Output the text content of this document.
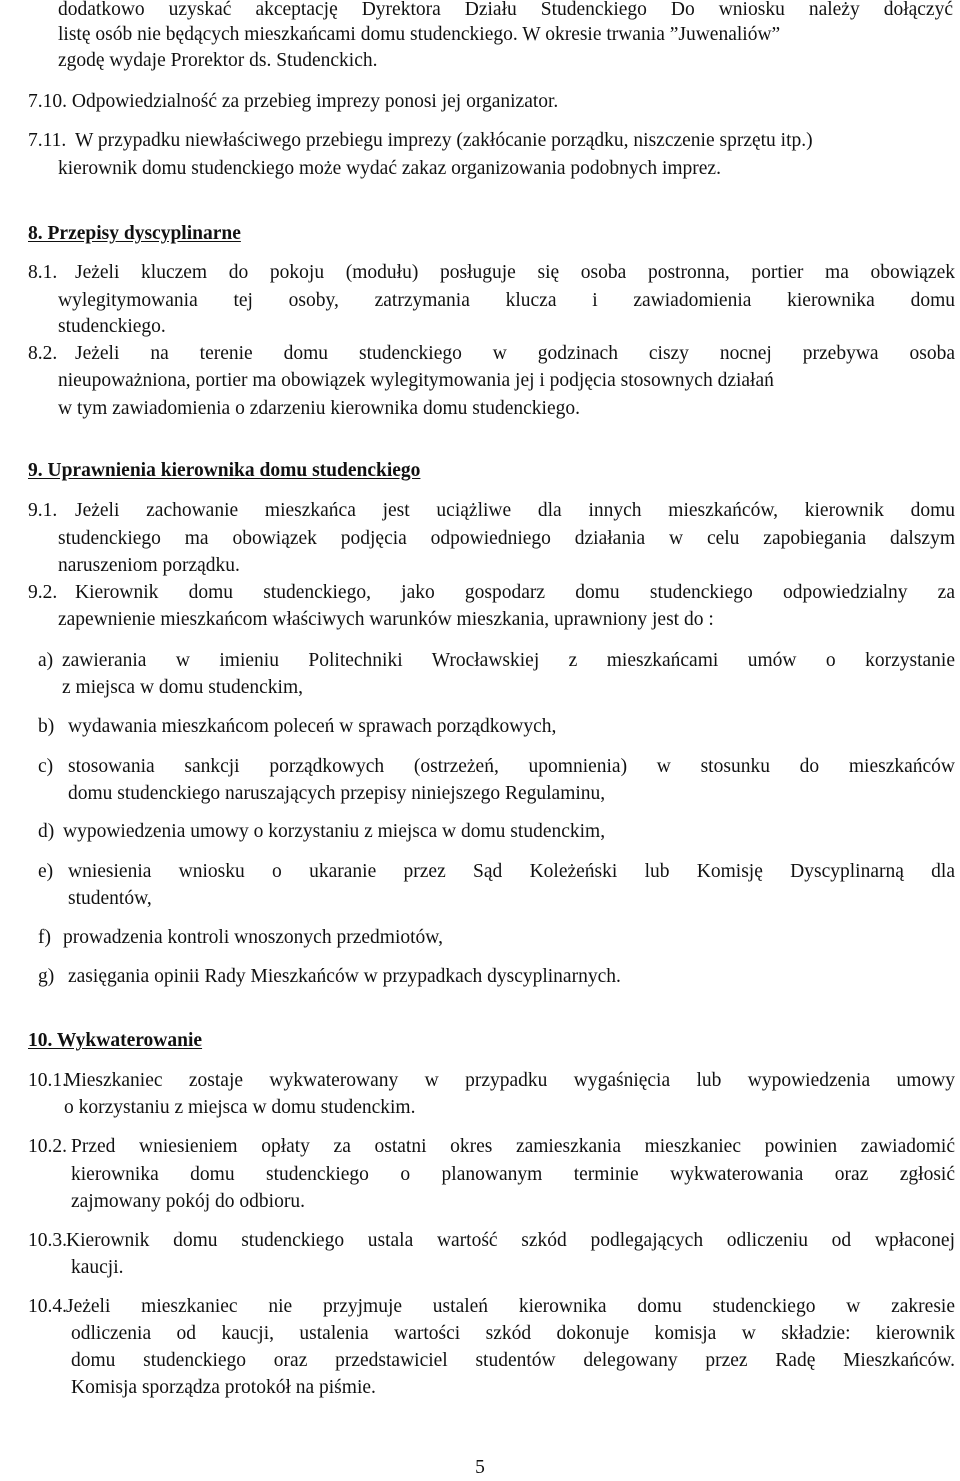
dodatkowo uzyskać akceptację Dyrektora Działu Studenckiego Do wniosku należy dołączyć
listę osób nie będących mieszkańcami domu studenckiego. W okresie trwania ”Juwenaliów”
zgodę wydaje Prorektor ds. Studenckich.
7.10. Odpowiedzialność za przebieg imprezy ponosi jej organizator.
7.11. W przypadku niewłaściwego przebiegu imprezy (zakłócanie porządku, niszczenie sprzętu itp.)
kierownik domu studenckiego może wydać zakaz organizowania podobnych imprez.
8. Przepisy dyscyplinarne
8.1. Jeżeli kluczem do pokoju (modułu) posługuje się osoba postronna, portier ma obowiązek
wylegitymowania tej osoby, zatrzymania klucza i zawiadomienia kierownika domu
studenckiego.
8.2. Jeżeli na terenie domu studenckiego w godzinach ciszy nocnej przebywa osoba
nieupoważniona, portier ma obowiązek wylegitymowania jej i podjęcia stosownych działań
w tym zawiadomienia o zdarzeniu kierownika domu studenckiego.
9. Uprawnienia kierownika domu studenckiego
9.1. Jeżeli zachowanie mieszkańca jest uciążliwe dla innych mieszkańców, kierownik domu
studenckiego ma obowiązek podjęcia odpowiedniego działania w celu zapobiegania dalszym
naruszeniom porządku.
9.2. Kierownik domu studenckiego, jako gospodarz domu studenckiego odpowiedzialny za
zapewnienie mieszkańcom właściwych warunków mieszkania, uprawniony jest do :
a) zawierania w imieniu Politechniki Wrocławskiej z mieszkańcami umów o korzystanie
z miejsca w domu studenckim,
b) wydawania mieszkańcom poleceń w sprawach porządkowych,
c) stosowania sankcji porządkowych (ostrzeżeń, upomnienia) w stosunku do mieszkańców
domu studenckiego naruszających przepisy niniejszego Regulaminu,
d) wypowiedzenia umowy o korzystaniu z miejsca w domu studenckim,
e) wniesienia wniosku o ukaranie przez Sąd Koleżeński lub Komisję Dyscyplinarną dla
studentów,
f) prowadzenia kontroli wnoszonych przedmiotów,
g) zasięgania opinii Rady Mieszkańców w przypadkach dyscyplinarnych.
10. Wykwaterowanie
10.1.
Mieszkaniec zostaje wykwaterowany w przypadku wygaśnięcia lub wypowiedzenia umowy
o korzystaniu z miejsca w domu studenckim.
10.2. Przed wniesieniem opłaty za ostatni okres zamieszkania mieszkaniec powinien zawiadomić
kierownika domu studenckiego o planowanym terminie wykwaterowania oraz zgłosić
zajmowany pokój do odbioru.
10.3. Kierownik domu studenckiego ustala wartość szkód podlegających odliczeniu od wpłaconej
kaucji.
10.4. Jeżeli mieszkaniec nie przyjmuje ustaleń kierownika domu studenckiego w zakresie
odliczenia od kaucji, ustalenia wartości szkód dokonuje komisja w składzie: kierownik
domu studenckiego oraz przedstawiciel studentów delegowany przez Radę Mieszkańców.
Komisja sporządza protokół na piśmie.
5
